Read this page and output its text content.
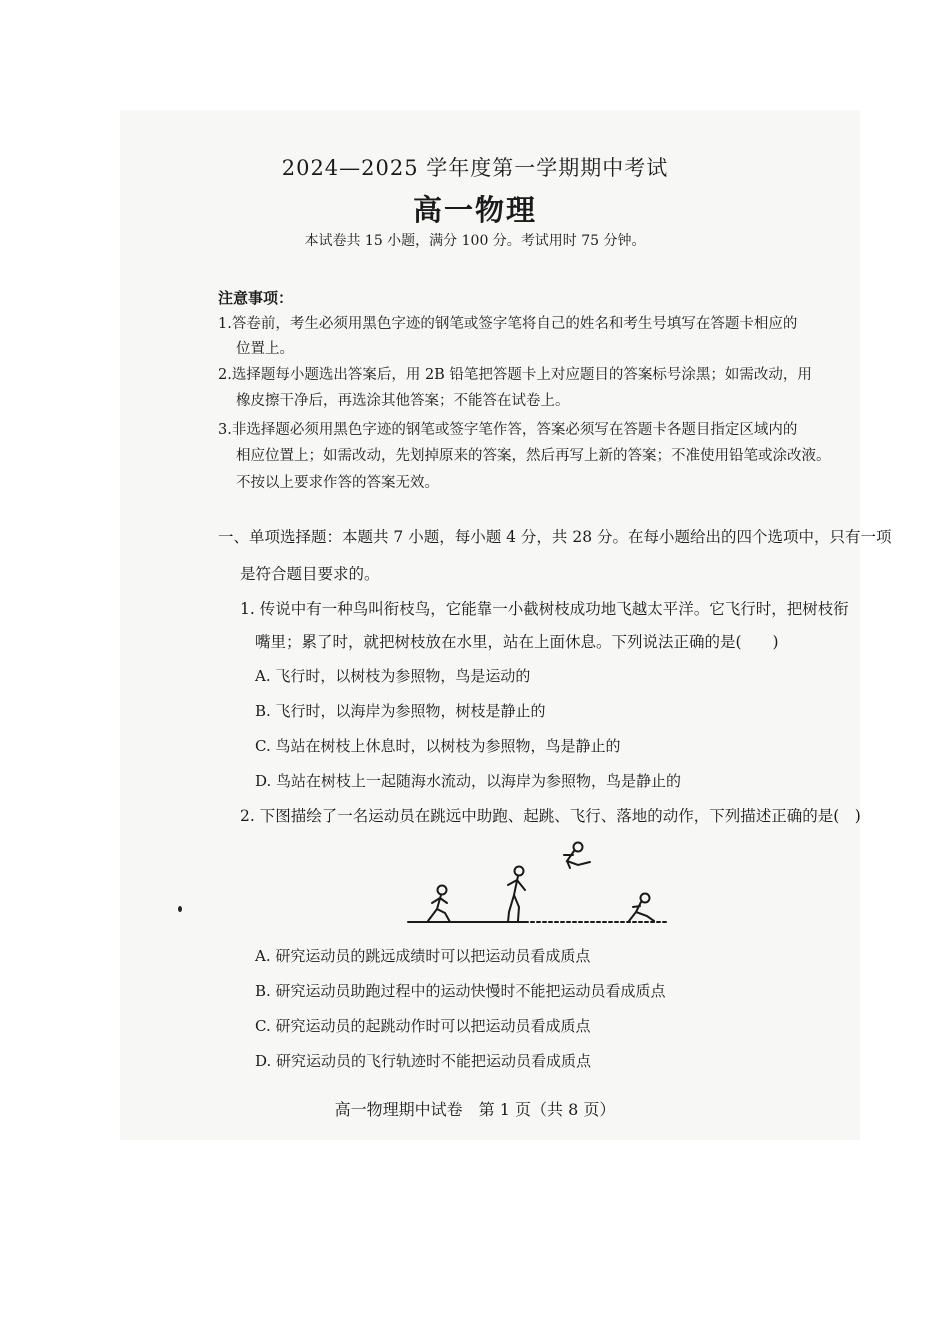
2024—2025 学年度第一学期期中考试
高一物理
本试卷共 15 小题，满分 100 分。考试用时 75 分钟。
注意事项：
1.答卷前，考生必须用黑色字迹的钢笔或签字笔将自己的姓名和考生号填写在答题卡相应的
位置上。
2.选择题每小题选出答案后，用 2B 铅笔把答题卡上对应题目的答案标号涂黑；如需改动，用
橡皮擦干净后，再选涂其他答案；不能答在试卷上。
3.非选择题必须用黑色字迹的钢笔或签字笔作答，答案必须写在答题卡各题目指定区域内的
相应位置上；如需改动，先划掉原来的答案，然后再写上新的答案；不准使用铅笔或涂改液。
不按以上要求作答的答案无效。
一、单项选择题：本题共 7 小题，每小题 4 分，共 28 分。在每小题给出的四个选项中，只有一项
是符合题目要求的。
1. 传说中有一种鸟叫衔枝鸟，它能靠一小截树枝成功地飞越太平洋。它飞行时，把树枝衔
嘴里；累了时，就把树枝放在水里，站在上面休息。下列说法正确的是(　　)
A. 飞行时，以树枝为参照物，鸟是运动的
B. 飞行时，以海岸为参照物，树枝是静止的
C. 鸟站在树枝上休息时，以树枝为参照物，鸟是静止的
D. 鸟站在树枝上一起随海水流动，以海岸为参照物，鸟是静止的
2. 下图描绘了一名运动员在跳远中助跑、起跳、飞行、落地的动作，下列描述正确的是(　)
A. 研究运动员的跳远成绩时可以把运动员看成质点
B. 研究运动员助跑过程中的运动快慢时不能把运动员看成质点
C. 研究运动员的起跳动作时可以把运动员看成质点
D. 研究运动员的飞行轨迹时不能把运动员看成质点
高一物理期中试卷　第 1 页（共 8 页）
